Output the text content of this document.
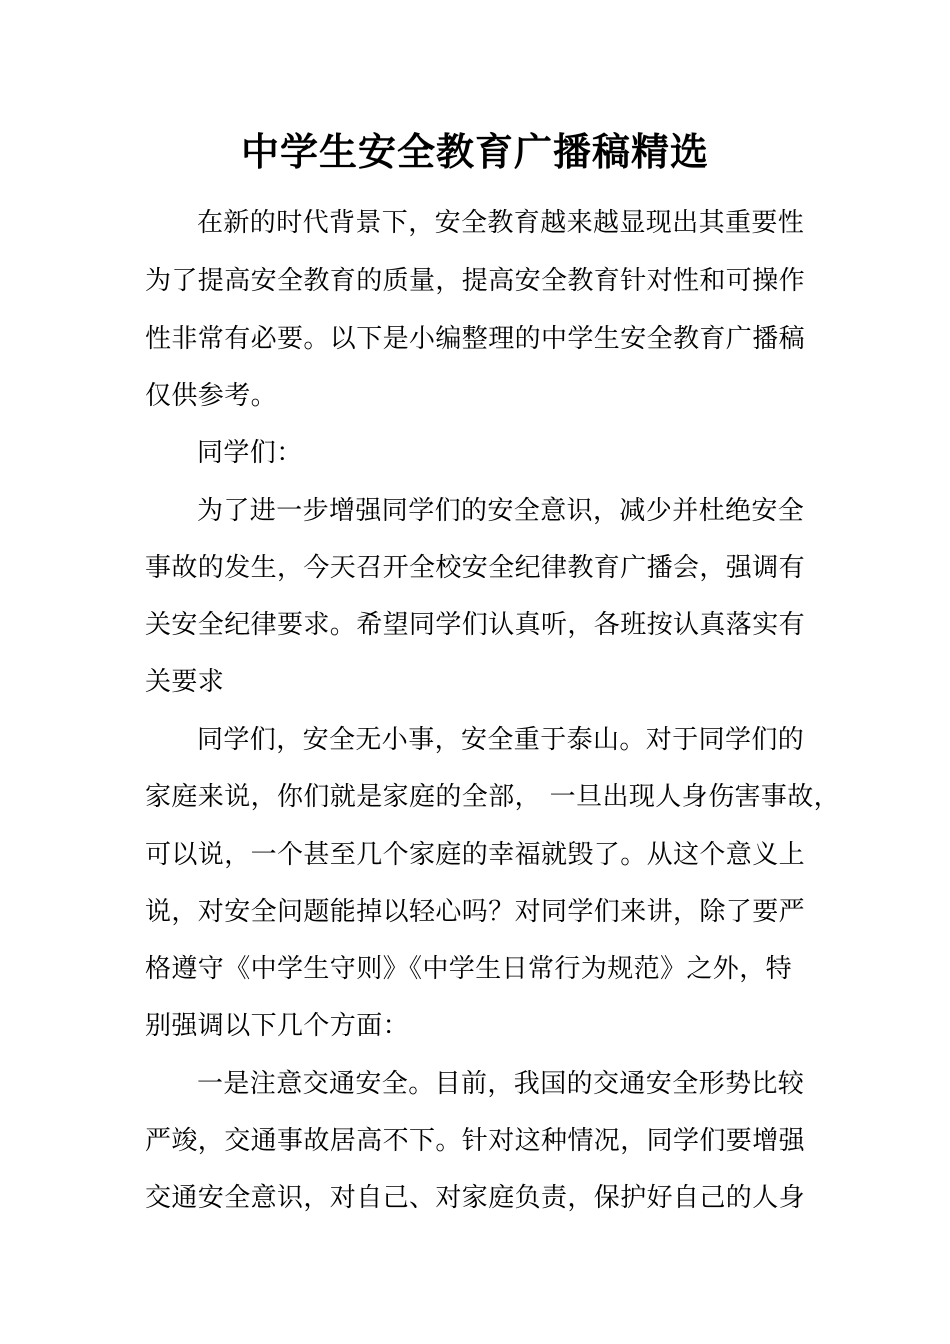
中学生安全教育广播稿精选
在新的时代背景下，安全教育越来越显现出其重要性
为了提高安全教育的质量，提高安全教育针对性和可操作
性非常有必要。以下是小编整理的中学生安全教育广播稿
仅供参考。
同学们：
为了进一步增强同学们的安全意识，减少并杜绝安全
事故的发生，今天召开全校安全纪律教育广播会，强调有
关安全纪律要求。希望同学们认真听，各班按认真落实有
关要求
同学们，安全无小事，安全重于泰山。对于同学们的
家庭来说，你们就是家庭的全部， 一旦出现人身伤害事故，
可以说，一个甚至几个家庭的幸福就毁了。从这个意义上
说，对安全问题能掉以轻心吗？对同学们来讲，除了要严
格遵守《中学生守则》《中学生日常行为规范》之外，特
别强调以下几个方面：
一是注意交通安全。目前，我国的交通安全形势比较
严竣，交通事故居高不下。针对这种情况，同学们要增强
交通安全意识，对自己、对家庭负责，保护好自己的人身
